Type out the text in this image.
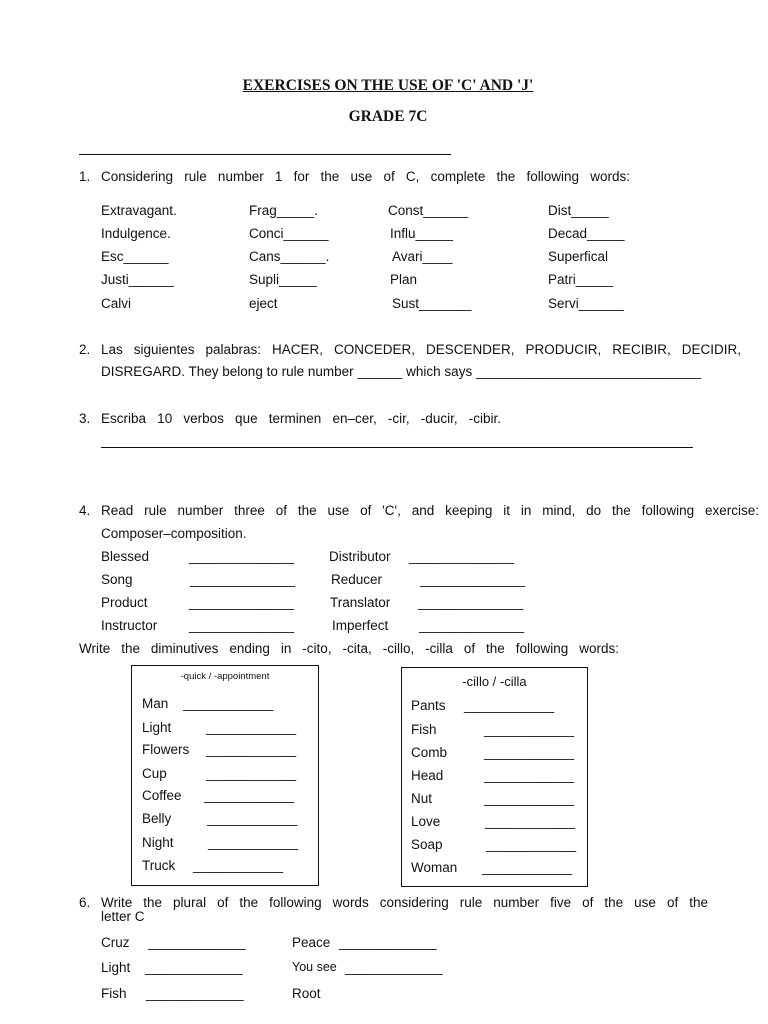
EXERCISES ON THE USE OF 'C' AND 'J'
GRADE 7C
1. Considering rule number 1 for the use of C, complete the following words:
Extravagant.	Frag_____.	Const______	Dist_____
Indulgence.	Conci______	Influ_____	Decad_____
Esc______	Cans______.	Avari____	Superfical
Justi______	Supli_____	Plan	Patri_____
Calvi	eject	Sust_______	Servi______
2. Las siguientes palabras: HACER, CONCEDER, DESCENDER, PRODUCIR, RECIBIR, DECIDIR,
DISREGARD. They belong to rule number ______ which says ______________________________
3. Escriba 10 verbos que terminen en–cer, -cir, -ducir, -cibir.
4. Read rule number three of the use of 'C', and keeping it in mind, do the following exercise:
Composer–composition.
Blessed	______________	Distributor ______________
Song	______________	Reducer	______________
Product	______________	Translator ______________
Instructor ______________	Imperfect ______________
Write the diminutives ending in -cito, -cita, -cillo, -cilla of the following words:
-quick / -appointment
Man ____________
Light	____________
Flowers ____________
Cup	____________
Coffee ____________
Belly	____________
Night	____________
Truck ____________
-cillo / -cilla
Pants ____________
Fish	____________
Comb	____________
Head	____________
Nut	____________
Love	____________
Soap	____________
Woman ____________
6. Write the plural of the following words considering rule number five of the use of the
letter C
Cruz _____________	Peace _____________
Light _____________	You see _____________
Fish _____________	Root
